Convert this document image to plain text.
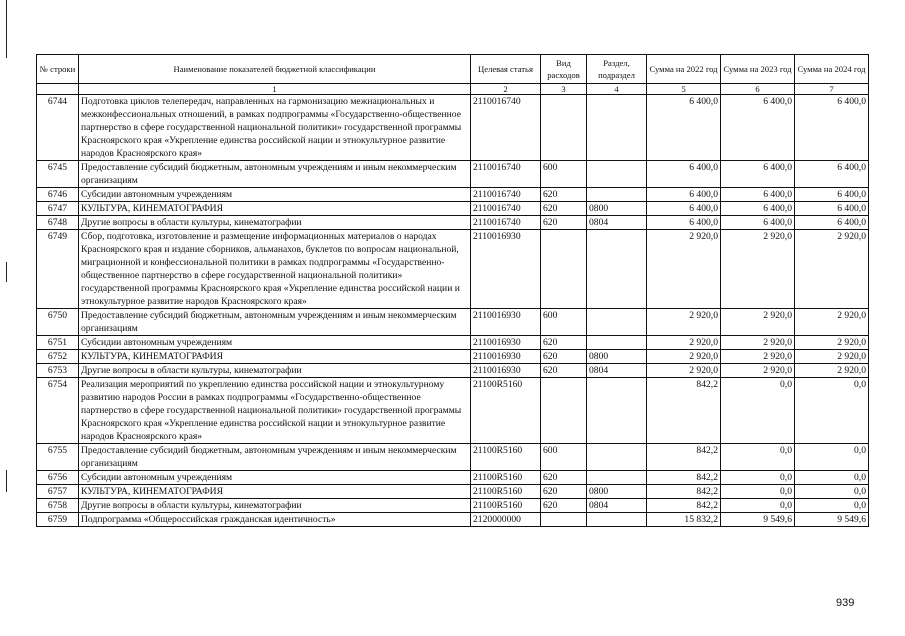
№ строки	Наименование показателей бюджетной классификации	Целевая статья	Вид расходов	Раздел, подраздел	Сумма на 2022 год	Сумма на 2023 год	Сумма на 2024 год
	1	2	3	4	5	6	7
6744	Подготовка циклов телепередач, направленных на гармонизацию межнациональных и межконфессиональных отношений, в рамках подпрограммы «Государственно-общественное партнерство в сфере государственной национальной политики» государственной программы Красноярского края «Укрепление единства российской нации и этнокультурное развитие народов Красноярского края»	2110016740			6 400,0	6 400,0	6 400,0
6745	Предоставление субсидий бюджетным, автономным учреждениям и иным некоммерческим организациям	2110016740	600		6 400,0	6 400,0	6 400,0
6746	Субсидии автономным учреждениям	2110016740	620		6 400,0	6 400,0	6 400,0
6747	КУЛЬТУРА, КИНЕМАТОГРАФИЯ	2110016740	620	0800	6 400,0	6 400,0	6 400,0
6748	Другие вопросы в области культуры, кинематографии	2110016740	620	0804	6 400,0	6 400,0	6 400,0
6749	Сбор, подготовка, изготовление и размещение информационных материалов о народах Красноярского края и издание сборников, альманахов, буклетов по вопросам национальной, миграционной и конфессиональной политики в рамках подпрограммы «Государственно-общественное партнерство в сфере государственной национальной политики» государственной программы Красноярского края «Укрепление единства российской нации и этнокультурное развитие народов Красноярского края»	2110016930			2 920,0	2 920,0	2 920,0
6750	Предоставление субсидий бюджетным, автономным учреждениям и иным некоммерческим организациям	2110016930	600		2 920,0	2 920,0	2 920,0
6751	Субсидии автономным учреждениям	2110016930	620		2 920,0	2 920,0	2 920,0
6752	КУЛЬТУРА, КИНЕМАТОГРАФИЯ	2110016930	620	0800	2 920,0	2 920,0	2 920,0
6753	Другие вопросы в области культуры, кинематографии	2110016930	620	0804	2 920,0	2 920,0	2 920,0
6754	Реализация мероприятий по укреплению единства российской нации и этнокультурному развитию народов России в рамках подпрограммы «Государственно-общественное партнерство в сфере государственной национальной политики» государственной программы Красноярского края «Укрепление единства российской нации и этнокультурное развитие народов Красноярского края»	21100R5160			842,2	0,0	0,0
6755	Предоставление субсидий бюджетным, автономным учреждениям и иным некоммерческим организациям	21100R5160	600		842,2	0,0	0,0
6756	Субсидии автономным учреждениям	21100R5160	620		842,2	0,0	0,0
6757	КУЛЬТУРА, КИНЕМАТОГРАФИЯ	21100R5160	620	0800	842,2	0,0	0,0
6758	Другие вопросы в области культуры, кинематографии	21100R5160	620	0804	842,2	0,0	0,0
6759	Подпрограмма «Общероссийская гражданская идентичность»	2120000000			15 832,2	9 549,6	9 549,6
939
